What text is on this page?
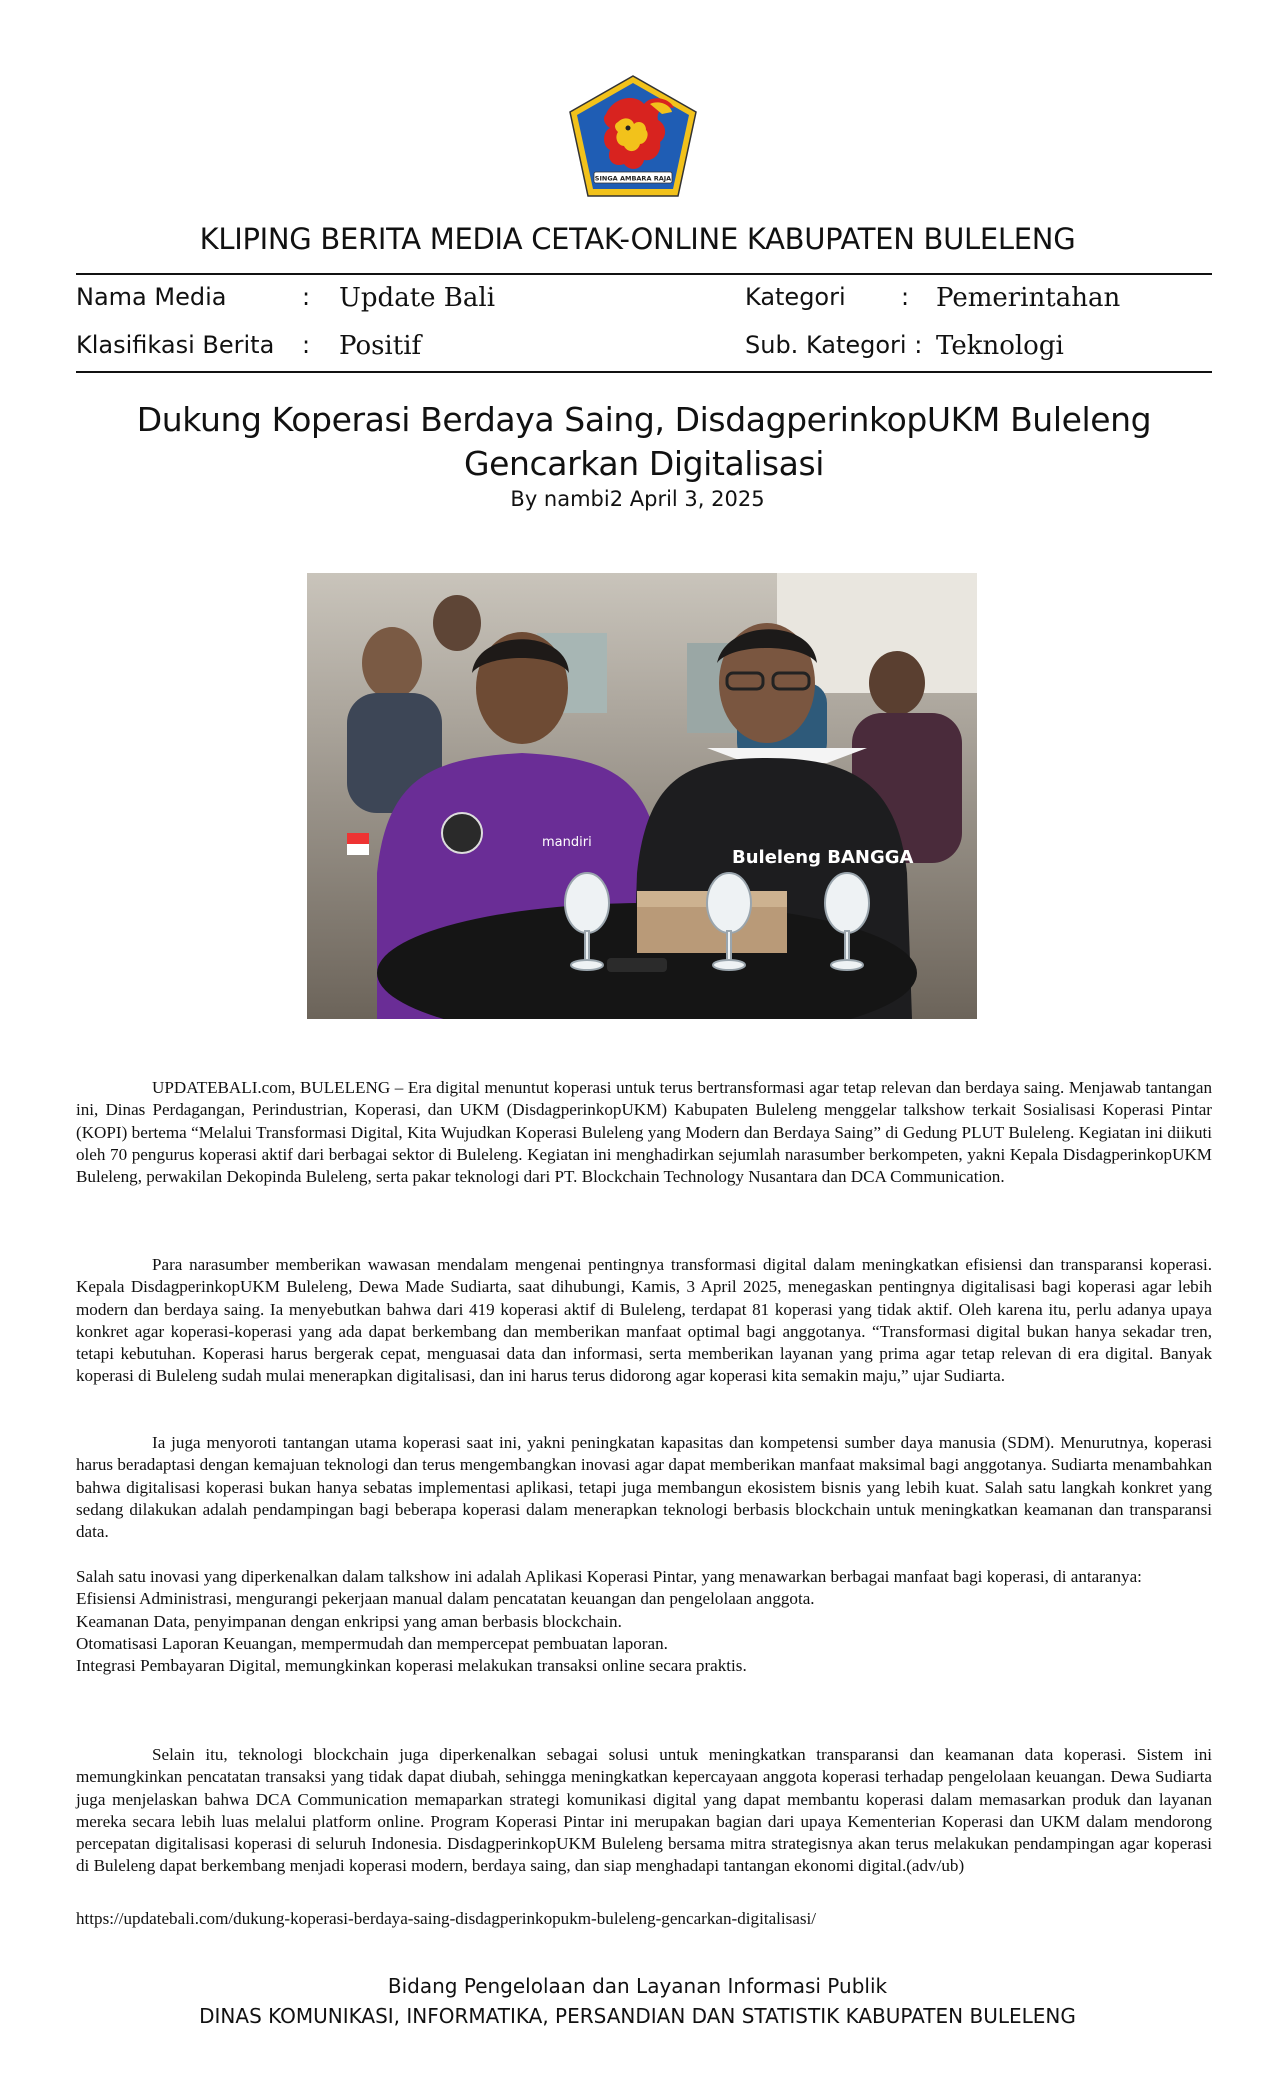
SINGA AMBARA RAJA
KLIPING BERITA MEDIA CETAK-ONLINE KABUPATEN BULELENG
Nama Media	: Update Bali	Kategori : Pemerintahan
Klasifikasi Berita : Positif	Sub. Kategori : Teknologi
Dukung Koperasi Berdaya Saing, DisdagperinkopUKM Buleleng
Gencarkan Digitalisasi
By nambi2 April 3, 2025
mandiri
Buleleng BANGGA

UPDATEBALI.com, BULELENG – Era digital menuntut koperasi untuk terus bertransformasi agar tetap relevan dan berdaya saing. Menjawab tantangan ini, Dinas Perdagangan, Perindustrian, Koperasi, dan UKM (DisdagperinkopUKM) Kabupaten Buleleng menggelar talkshow terkait Sosialisasi Koperasi Pintar (KOPI) bertema “Melalui Transformasi Digital, Kita Wujudkan Koperasi Buleleng yang Modern dan Berdaya Saing” di Gedung PLUT Buleleng. Kegiatan ini diikuti oleh 70 pengurus koperasi aktif dari berbagai sektor di Buleleng. Kegiatan ini menghadirkan sejumlah narasumber berkompeten, yakni Kepala DisdagperinkopUKM Buleleng, perwakilan Dekopinda Buleleng, serta pakar teknologi dari PT. Blockchain Technology Nusantara dan DCA Communication.

Para narasumber memberikan wawasan mendalam mengenai pentingnya transformasi digital dalam meningkatkan efisiensi dan transparansi koperasi. Kepala DisdagperinkopUKM Buleleng, Dewa Made Sudiarta, saat dihubungi, Kamis, 3 April 2025, menegaskan pentingnya digitalisasi bagi koperasi agar lebih modern dan berdaya saing. Ia menyebutkan bahwa dari 419 koperasi aktif di Buleleng, terdapat 81 koperasi yang tidak aktif. Oleh karena itu, perlu adanya upaya konkret agar koperasi-koperasi yang ada dapat berkembang dan memberikan manfaat optimal bagi anggotanya. “Transformasi digital bukan hanya sekadar tren, tetapi kebutuhan. Koperasi harus bergerak cepat, menguasai data dan informasi, serta memberikan layanan yang prima agar tetap relevan di era digital. Banyak koperasi di Buleleng sudah mulai menerapkan digitalisasi, dan ini harus terus didorong agar koperasi kita semakin maju,” ujar Sudiarta.

Ia juga menyoroti tantangan utama koperasi saat ini, yakni peningkatan kapasitas dan kompetensi sumber daya manusia (SDM). Menurutnya, koperasi harus beradaptasi dengan kemajuan teknologi dan terus mengembangkan inovasi agar dapat memberikan manfaat maksimal bagi anggotanya. Sudiarta menambahkan bahwa digitalisasi koperasi bukan hanya sebatas implementasi aplikasi, tetapi juga membangun ekosistem bisnis yang lebih kuat. Salah satu langkah konkret yang sedang dilakukan adalah pendampingan bagi beberapa koperasi dalam menerapkan teknologi berbasis blockchain untuk meningkatkan keamanan dan transparansi data.

Salah satu inovasi yang diperkenalkan dalam talkshow ini adalah Aplikasi Koperasi Pintar, yang menawarkan berbagai manfaat bagi koperasi, di antaranya:

Efisiensi Administrasi, mengurangi pekerjaan manual dalam pencatatan keuangan dan pengelolaan anggota.

Keamanan Data, penyimpanan dengan enkripsi yang aman berbasis blockchain.

Otomatisasi Laporan Keuangan, mempermudah dan mempercepat pembuatan laporan.

Integrasi Pembayaran Digital, memungkinkan koperasi melakukan transaksi online secara praktis.

Selain itu, teknologi blockchain juga diperkenalkan sebagai solusi untuk meningkatkan transparansi dan keamanan data koperasi. Sistem ini memungkinkan pencatatan transaksi yang tidak dapat diubah, sehingga meningkatkan kepercayaan anggota koperasi terhadap pengelolaan keuangan. Dewa Sudiarta juga menjelaskan bahwa DCA Communication memaparkan strategi komunikasi digital yang dapat membantu koperasi dalam memasarkan produk dan layanan mereka secara lebih luas melalui platform online. Program Koperasi Pintar ini merupakan bagian dari upaya Kementerian Koperasi dan UKM dalam mendorong percepatan digitalisasi koperasi di seluruh Indonesia. DisdagperinkopUKM Buleleng bersama mitra strategisnya akan terus melakukan pendampingan agar koperasi di Buleleng dapat berkembang menjadi koperasi modern, berdaya saing, dan siap menghadapi tantangan ekonomi digital.(adv/ub)

https://updatebali.com/dukung-koperasi-berdaya-saing-disdagperinkopukm-buleleng-gencarkan-digitalisasi/
Bidang Pengelolaan dan Layanan Informasi Publik
DINAS KOMUNIKASI, INFORMATIKA, PERSANDIAN DAN STATISTIK KABUPATEN BULELENG
